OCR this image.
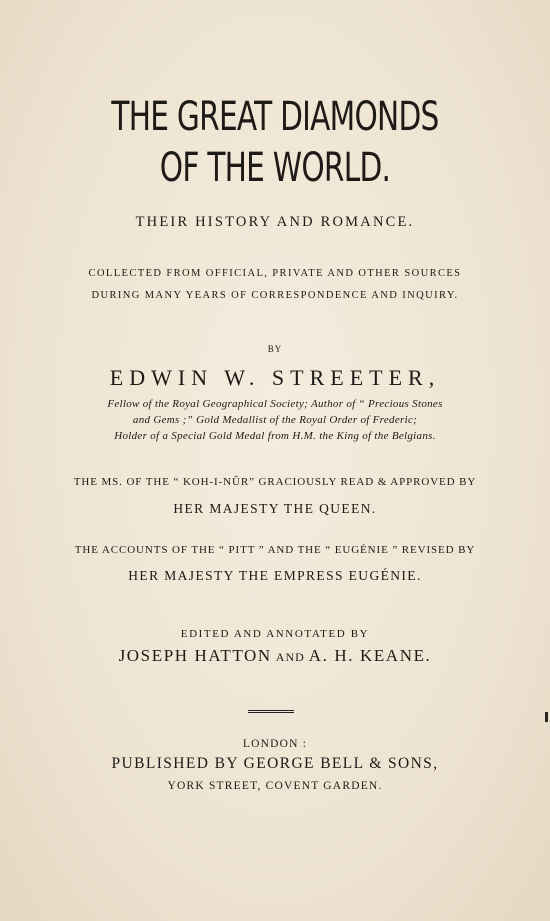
THE GREAT DIAMONDS
OF THE WORLD.
THEIR HISTORY AND ROMANCE.
COLLECTED FROM OFFICIAL, PRIVATE AND OTHER SOURCES
DURING MANY YEARS OF CORRESPONDENCE AND INQUIRY.
BY
EDWIN W. STREETER,
Fellow of the Royal Geographical Society; Author of “ Precious Stones
and Gems ;” Gold Medallist of the Royal Order of Frederic;
Holder of a Special Gold Medal from H.M. the King of the Belgians.
THE MS. OF THE “ KOH-I-NÛR” GRACIOUSLY READ & APPROVED BY
HER MAJESTY THE QUEEN.
THE ACCOUNTS OF THE “ PITT ” AND THE “ EUGÉNIE ” REVISED BY
HER MAJESTY THE EMPRESS EUGÉNIE.
EDITED AND ANNOTATED BY
JOSEPH HATTON AND A. H. KEANE.
LONDON :
PUBLISHED BY GEORGE BELL & SONS,
YORK STREET, COVENT GARDEN.
